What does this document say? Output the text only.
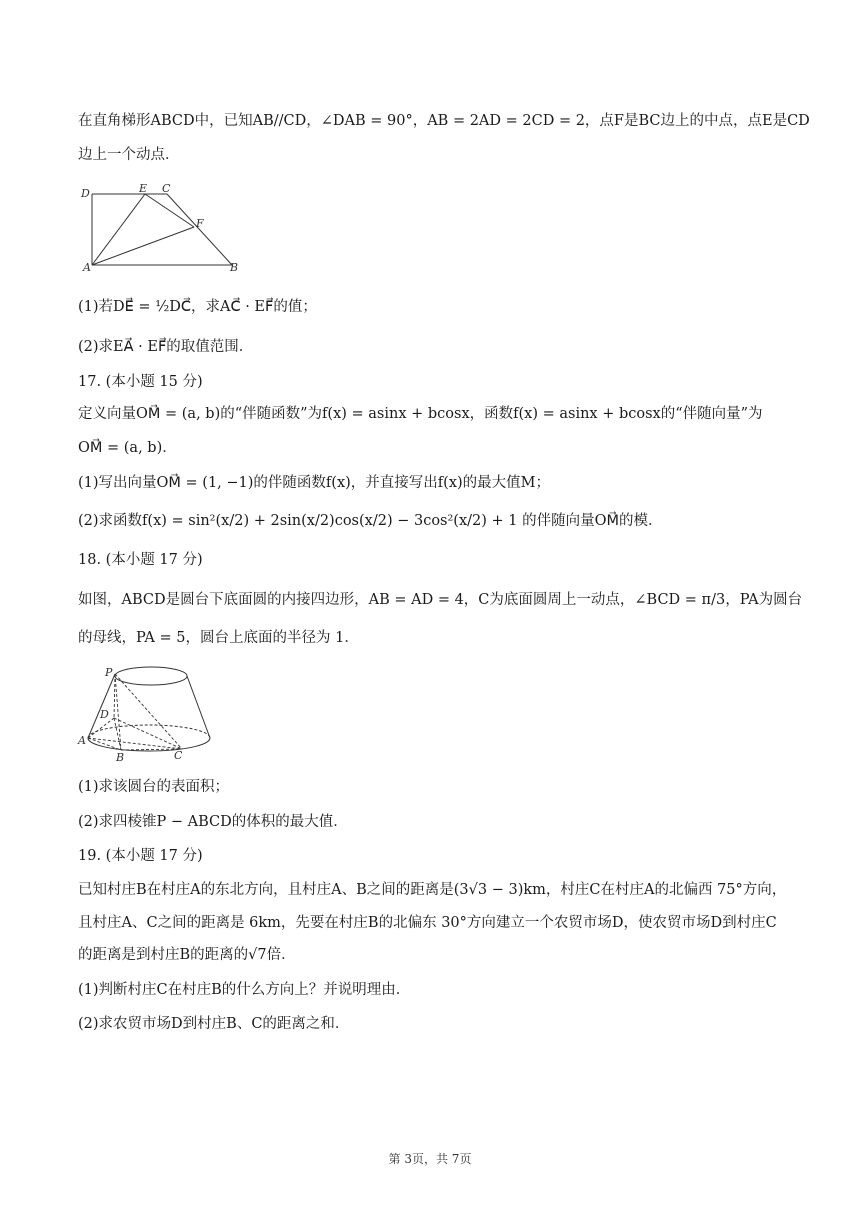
在直角梯形ABCD中，已知AB//CD，∠DAB = 90°，AB = 2AD = 2CD = 2，点F是BC边上的中点，点E是CD
边上一个动点．
D	E C
F
A	B
(1)若DE⃗ = ½DC⃗，求AC⃗ · EF⃗的值；
(2)求EA⃗ · EF⃗的取值范围．
17. (本小题 15 分)
定义向量OM⃗ = (a, b)的“伴随函数”为f(x) = asinx + bcosx，函数f(x) = asinx + bcosx的“伴随向量”为
OM⃗ = (a, b)．
(1)写出向量OM⃗ = (1, −1)的伴随函数f(x)，并直接写出f(x)的最大值M；
(2)求函数f(x) = sin²(x/2) + 2sin(x/2)cos(x/2) − 3cos²(x/2) + 1 的伴随向量OM⃗的模．
18. (本小题 17 分)
如图，ABCD是圆台下底面圆的内接四边形，AB = AD = 4，C为底面圆周上一动点，∠BCD = π/3，PA为圆台
的母线，PA = 5，圆台上底面的半径为 1．
P
D
A
B	C
(1)求该圆台的表面积；
(2)求四棱锥P − ABCD的体积的最大值．
19. (本小题 17 分)
已知村庄B在村庄A的东北方向，且村庄A、B之间的距离是(3√3 − 3)km，村庄C在村庄A的北偏西 75°方向，
且村庄A、C之间的距离是 6km，先要在村庄B的北偏东 30°方向建立一个农贸市场D，使农贸市场D到村庄C
的距离是到村庄B的距离的√7倍．
(1)判断村庄C在村庄B的什么方向上？并说明理由．
(2)求农贸市场D到村庄B、C的距离之和．
第 3页，共 7页
